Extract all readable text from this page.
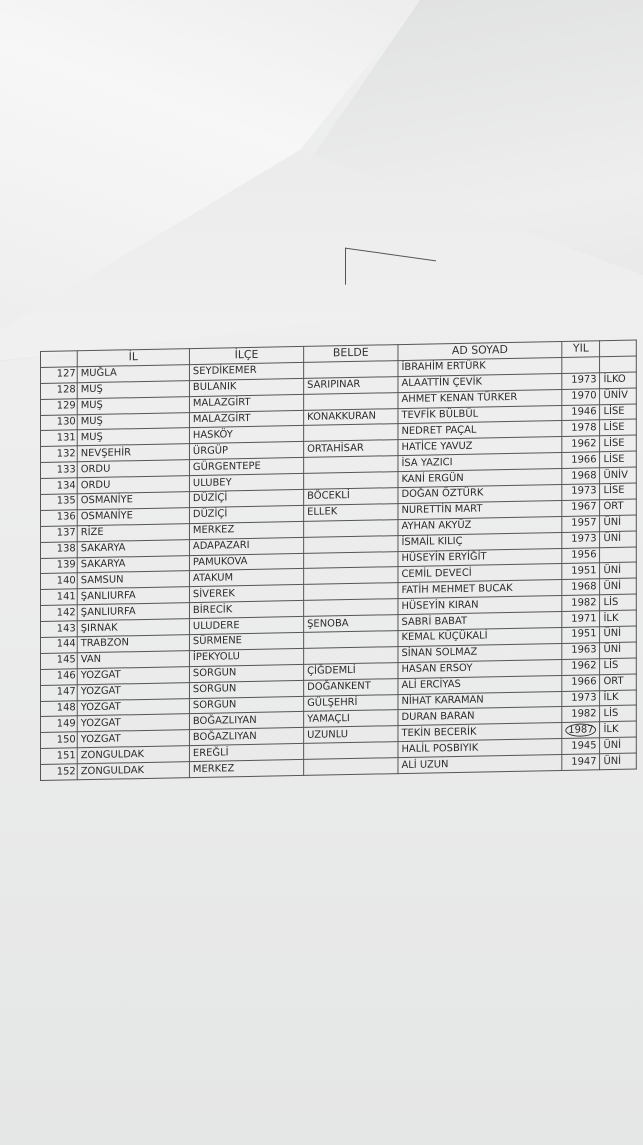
	İL	İLÇE	BELDE	AD SOYAD	YIL	
127	MUĞLA	SEYDİKEMER		İBRAHİM ERTÜRK		
128	MUŞ	BULANIK	SARIPINAR	ALAATTİN ÇEVİK	1973	İLKO
129	MUŞ	MALAZGİRT		AHMET KENAN TÜRKER	1970	ÜNİV
130	MUŞ	MALAZGİRT	KONAKKURAN	TEVFİK BÜLBÜL	1946	LİSE
131	MUŞ	HASKÖY		NEDRET PAÇAL	1978	LİSE
132	NEVŞEHİR	ÜRGÜP	ORTAHİSAR	HATİCE YAVUZ	1962	LİSE
133	ORDU	GÜRGENTEPE		İSA YAZICI	1966	LİSE
134	ORDU	ULUBEY		KANİ ERGÜN	1968	ÜNİV
135	OSMANİYE	DÜZİÇİ	BÖCEKLİ	DOĞAN ÖZTÜRK	1973	LİSE
136	OSMANİYE	DÜZİÇİ	ELLEK	NURETTİN MART	1967	ORT
137	RİZE	MERKEZ		AYHAN AKYÜZ	1957	ÜNİ
138	SAKARYA	ADAPAZARI		İSMAİL KILIÇ	1973	ÜNİ
139	SAKARYA	PAMUKOVA		HÜSEYİN ERYİĞİT	1956	
140	SAMSUN	ATAKUM		CEMİL DEVECİ	1951	ÜNİ
141	ŞANLIURFA	SİVEREK		FATİH MEHMET BUCAK	1968	ÜNİ
142	ŞANLIURFA	BİRECİK		HÜSEYİN KIRAN	1982	LİS
143	ŞIRNAK	ULUDERE	ŞENOBA	SABRİ BABAT	1971	İLK
144	TRABZON	SÜRMENE		KEMAL KÜÇÜKALİ	1951	ÜNİ
145	VAN	İPEKYOLU		SİNAN SOLMAZ	1963	ÜNİ
146	YOZGAT	SORGUN	ÇİĞDEMLİ	HASAN ERSOY	1962	LİS
147	YOZGAT	SORGUN	DOĞANKENT	ALİ ERCİYAS	1966	ORT
148	YOZGAT	SORGUN	GÜLŞEHRİ	NİHAT KARAMAN	1973	İLK
149	YOZGAT	BOĞAZLIYAN	YAMAÇLI	DURAN BARAN	1982	LİS
150	YOZGAT	BOĞAZLIYAN	UZUNLU	TEKİN BECERİK	1987	İLK
151	ZONGULDAK	EREĞLİ		HALİL POSBIYIK	1945	ÜNİ
152	ZONGULDAK	MERKEZ		ALİ UZUN	1947	ÜNİ
